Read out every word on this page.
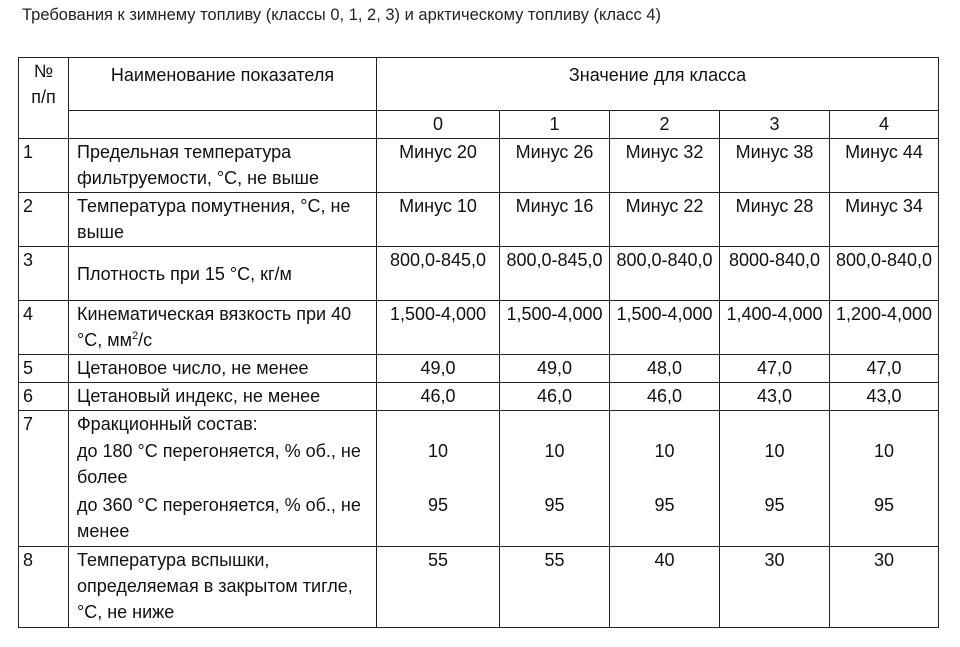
Требования к зимнему топливу (классы 0, 1, 2, 3) и арктическому топливу (класс 4)
№
п/п	Наименование показателя	Значение для класса				
		0	1	2	3	4
1	Предельная температура фильтруемости, °С, не выше	Минус 20	Минус 26	Минус 32	Минус 38	Минус 44
2	Температура помутнения, °С, не выше	Минус 10	Минус 16	Минус 22	Минус 28	Минус 34
3	Плотность при 15 °С, кг/м	800,0-845,0	800,0-845,0	800,0-840,0	8000-840,0	800,0-840,0
4	Кинематическая вязкость при 40 °С, $мм^2/с$	1,500-4,000	1,500-4,000	1,500-4,000	1,400-4,000	1,200-4,000
5	Цетановое число, не менее	49,0	49,0	48,0	47,0	47,0
6	Цетановый индекс, не менее	46,0	46,0	46,0	43,0	43,0
7	Фракционный состав:					
	до 180 °С перегоняется, % об., не более	10	10	10	10	10
	до 360 °С перегоняется, % об., не менее	95	95	95	95	95
8	Температура вспышки, определяемая в закрытом тигле, °С, не ниже	55	55	40	30	30
